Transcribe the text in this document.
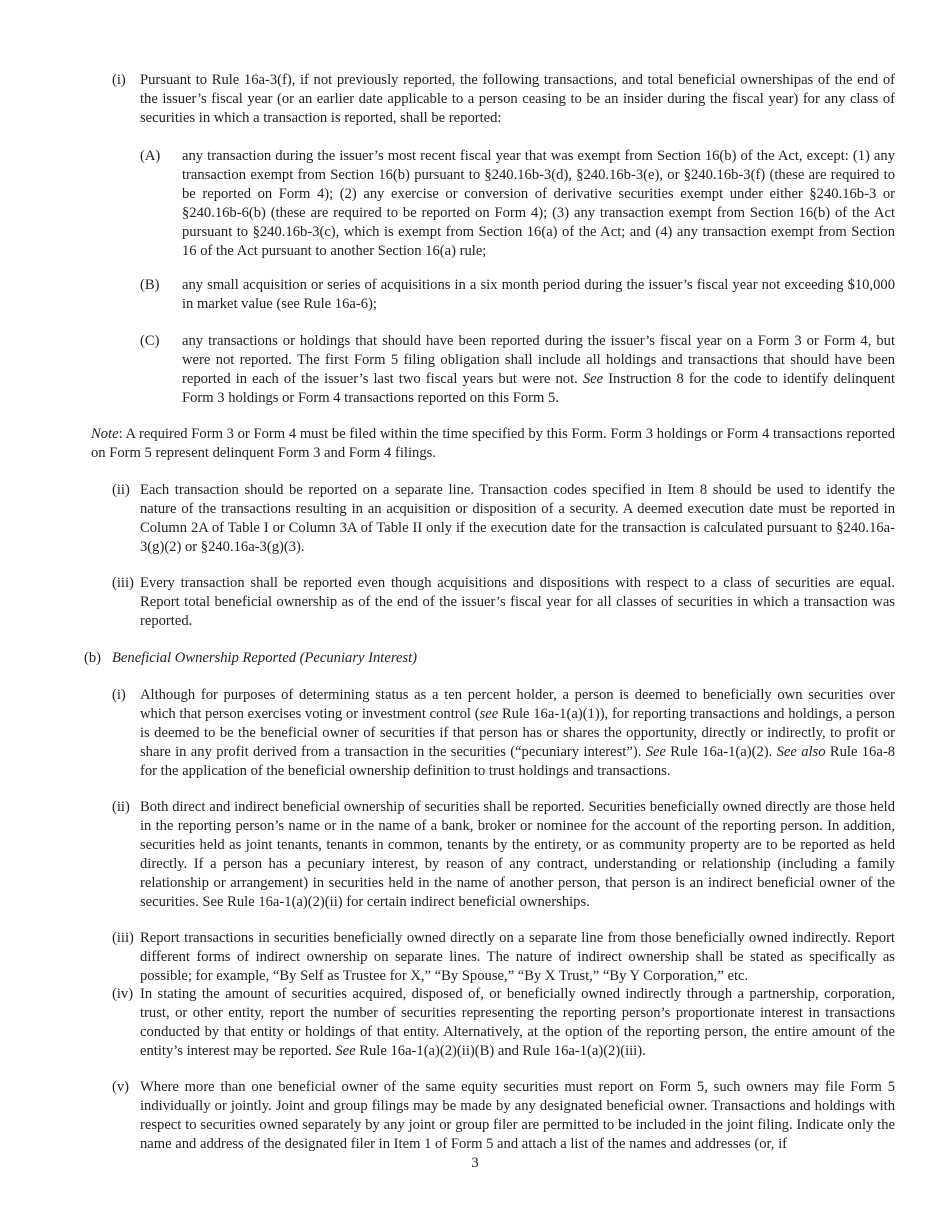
(i) Pursuant to Rule 16a-3(f), if not previously reported, the following transactions, and total beneficial ownershipas of the end of the issuer’s fiscal year (or an earlier date applicable to a person ceasing to be an insider during the fiscal year) for any class of securities in which a transaction is reported, shall be reported:
(A) any transaction during the issuer’s most recent fiscal year that was exempt from Section 16(b) of the Act, except: (1) any transaction exempt from Section 16(b) pursuant to §240.16b-3(d), §240.16b-3(e), or §240.16b-3(f) (these are required to be reported on Form 4); (2) any exercise or conversion of derivative securities exempt under either §240.16b-3 or §240.16b-6(b) (these are required to be reported on Form 4); (3) any transaction exempt from Section 16(b) of the Act pursuant to §240.16b-3(c), which is exempt from Section 16(a) of the Act; and (4) any transaction exempt from Section 16 of the Act pursuant to another Section 16(a) rule;
(B) any small acquisition or series of acquisitions in a six month period during the issuer’s fiscal year not exceeding $10,000 in market value (see Rule 16a-6);
(C) any transactions or holdings that should have been reported during the issuer’s fiscal year on a Form 3 or Form 4, but were not reported. The first Form 5 filing obligation shall include all holdings and transactions that should have been reported in each of the issuer’s last two fiscal years but were not. See Instruction 8 for the code to identify delinquent Form 3 holdings or Form 4 transactions reported on this Form 5.
Note: A required Form 3 or Form 4 must be filed within the time specified by this Form. Form 3 holdings or Form 4 transactions reported on Form 5 represent delinquent Form 3 and Form 4 filings.
(ii) Each transaction should be reported on a separate line. Transaction codes specified in Item 8 should be used to identify the nature of the transactions resulting in an acquisition or disposition of a security. A deemed execution date must be reported in Column 2A of Table I or Column 3A of Table II only if the execution date for the transaction is calculated pursuant to §240.16a-3(g)(2) or §240.16a-3(g)(3).
(iii) Every transaction shall be reported even though acquisitions and dispositions with respect to a class of securities are equal. Report total beneficial ownership as of the end of the issuer’s fiscal year for all classes of securities in which a transaction was reported.
(b) Beneficial Ownership Reported (Pecuniary Interest)
(i) Although for purposes of determining status as a ten percent holder, a person is deemed to beneficially own securities over which that person exercises voting or investment control (see Rule 16a-1(a)(1)), for reporting transactions and holdings, a person is deemed to be the beneficial owner of securities if that person has or shares the opportunity, directly or indirectly, to profit or share in any profit derived from a transaction in the securities (“pecuniary interest”). See Rule 16a-1(a)(2). See also Rule 16a-8 for the application of the beneficial ownership definition to trust holdings and transactions.
(ii) Both direct and indirect beneficial ownership of securities shall be reported. Securities beneficially owned directly are those held in the reporting person’s name or in the name of a bank, broker or nominee for the account of the reporting person. In addition, securities held as joint tenants, tenants in common, tenants by the entirety, or as community property are to be reported as held directly. If a person has a pecuniary interest, by reason of any contract, understanding or relationship (including a family relationship or arrangement) in securities held in the name of another person, that person is an indirect beneficial owner of the securities. See Rule 16a-1(a)(2)(ii) for certain indirect beneficial ownerships.
(iii) Report transactions in securities beneficially owned directly on a separate line from those beneficially owned indirectly. Report different forms of indirect ownership on separate lines. The nature of indirect ownership shall be stated as specifically as possible; for example, “By Self as Trustee for X,” “By Spouse,” “By X Trust,” “By Y Corporation,” etc.
(iv) In stating the amount of securities acquired, disposed of, or beneficially owned indirectly through a partnership, corporation, trust, or other entity, report the number of securities representing the reporting person’s proportionate interest in transactions conducted by that entity or holdings of that entity. Alternatively, at the option of the reporting person, the entire amount of the entity’s interest may be reported. See Rule 16a-1(a)(2)(ii)(B) and Rule 16a-1(a)(2)(iii).
(v) Where more than one beneficial owner of the same equity securities must report on Form 5, such owners may file Form 5 individually or jointly. Joint and group filings may be made by any designated beneficial owner. Transactions and holdings with respect to securities owned separately by any joint or group filer are permitted to be included in the joint filing. Indicate only the name and address of the designated filer in Item 1 of Form 5 and attach a list of the names and addresses (or, if
3
